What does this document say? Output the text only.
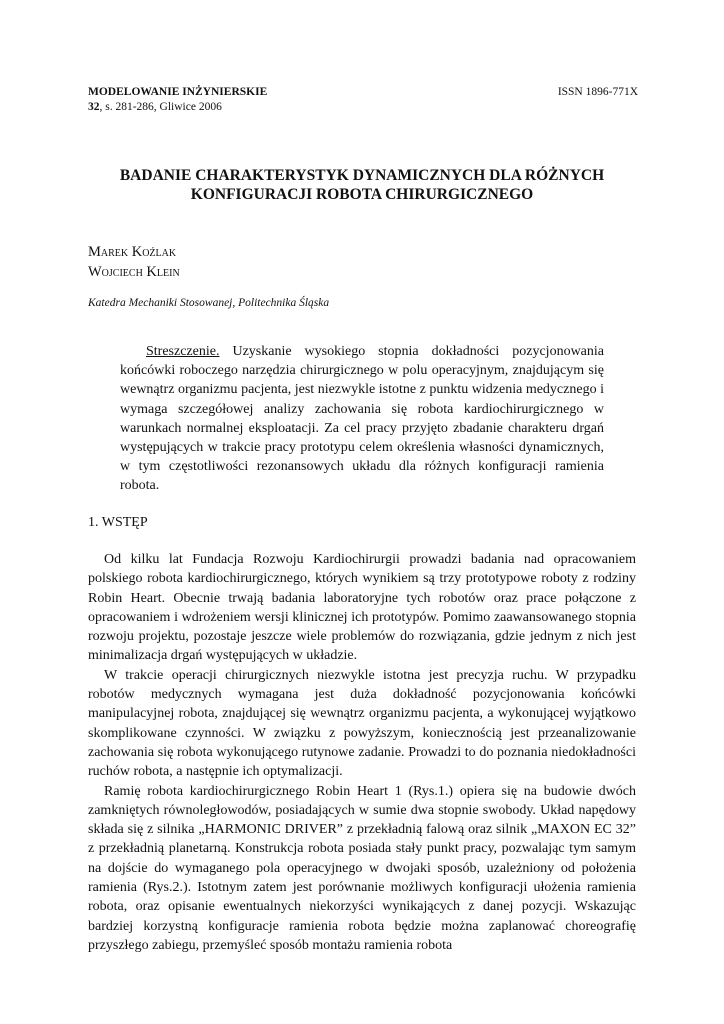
MODELOWANIE INŻYNIERSKIE
32, s. 281-286, Gliwice 2006
ISSN 1896-771X
BADANIE CHARAKTERYSTYK DYNAMICZNYCH DLA RÓŻNYCH
KONFIGURACJI ROBOTA CHIRURGICZNEGO
Marek Koźlak
Wojciech Klein
Katedra Mechaniki Stosowanej, Politechnika Śląska
Streszczenie. Uzyskanie wysokiego stopnia dokładności pozycjonowania końcówki roboczego narzędzia chirurgicznego w polu operacyjnym, znajdującym się wewnątrz organizmu pacjenta, jest niezwykle istotne z punktu widzenia medycznego i wymaga szczegółowej analizy zachowania się robota kardiochirurgicznego w warunkach normalnej eksploatacji. Za cel pracy przyjęto zbadanie charakteru drgań występujących w trakcie pracy prototypu celem określenia własności dynamicznych, w tym częstotliwości rezonansowych układu dla różnych konfiguracji ramienia robota.
1. WSTĘP

Od kilku lat Fundacja Rozwoju Kardiochirurgii prowadzi badania nad opracowaniem polskiego robota kardiochirurgicznego, których wynikiem są trzy prototypowe roboty z rodziny Robin Heart. Obecnie trwają badania laboratoryjne tych robotów oraz prace połączone z opracowaniem i wdrożeniem wersji klinicznej ich prototypów. Pomimo zaawansowanego stopnia rozwoju projektu, pozostaje jeszcze wiele problemów do rozwiązania, gdzie jednym z nich jest minimalizacja drgań występujących w układzie.

W trakcie operacji chirurgicznych niezwykle istotna jest precyzja ruchu. W przypadku robotów medycznych wymagana jest duża dokładność pozycjonowania końcówki manipulacyjnej robota, znajdującej się wewnątrz organizmu pacjenta, a wykonującej wyjątkowo skomplikowane czynności. W związku z powyższym, koniecznością jest przeanalizowanie zachowania się robota wykonującego rutynowe zadanie. Prowadzi to do poznania niedokładności ruchów robota, a następnie ich optymalizacji.

Ramię robota kardiochirurgicznego Robin Heart 1 (Rys.1.) opiera się na budowie dwóch zamkniętych równoległowodów, posiadających w sumie dwa stopnie swobody. Układ napędowy składa się z silnika „HARMONIC DRIVER” z przekładnią falową oraz silnik „MAXON EC 32” z przekładnią planetarną. Konstrukcja robota posiada stały punkt pracy, pozwalając tym samym na dojście do wymaganego pola operacyjnego w dwojaki sposób, uzależniony od położenia ramienia (Rys.2.). Istotnym zatem jest porównanie możliwych konfiguracji ułożenia ramienia robota, oraz opisanie ewentualnych niekorzyści wynikających z danej pozycji. Wskazując bardziej korzystną konfiguracje ramienia robota będzie można zaplanować choreografię przyszłego zabiegu, przemyśleć sposób montażu ramienia robota
